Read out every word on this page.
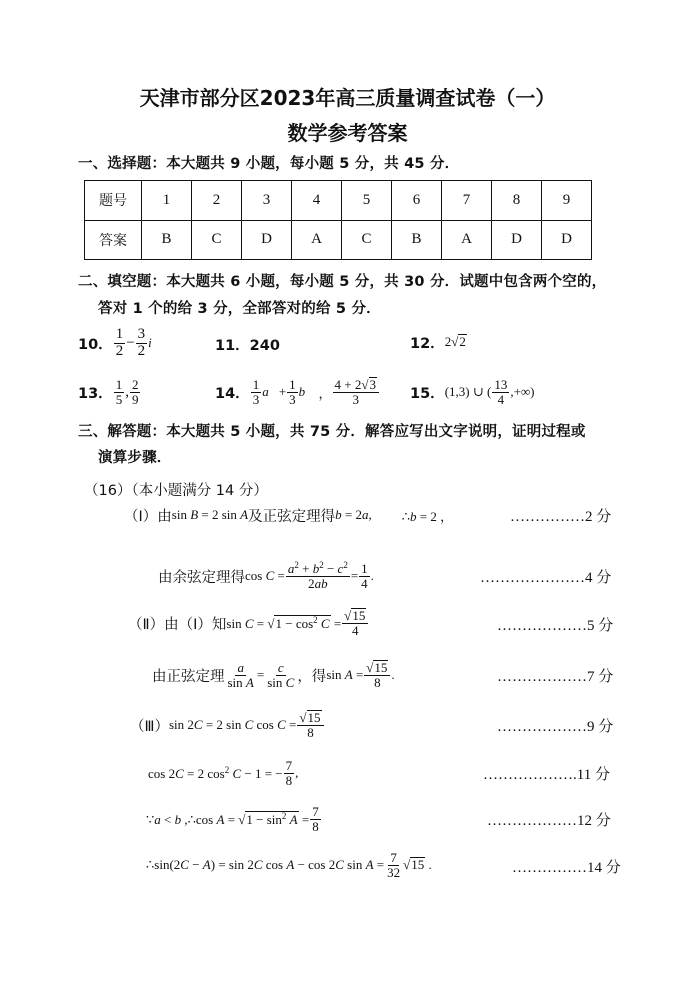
天津市部分区2023年高三质量调查试卷（一）
数学参考答案
一、选择题：本大题共 9 小题，每小题 5 分，共 45 分．
题号	1	2	3	4	5	6	7	8	9
答案	B	C	D	A	C	B	A	D	D
二、填空题：本大题共 6 小题，每小题 5 分，共 30 分．试题中包含两个空的，
答对 1 个的给 3 分，全部答对的给 5 分．
10． $\frac{1}{2} - \frac{3}{2}$ i	11．240	12． 2√2
13． $\frac{1}{5}$ , $\frac{2}{9}$	14． $\frac{1}{3}$ a⃗ + $\frac{1}{3}$ b⃗ ， $\frac{4 + 2√3}{3} 15$． (1,3) ∪ ( $\frac{13}{4}$ ,+∞)
三、解答题：本大题共 5 小题，共 75 分．解答应写出文字说明，证明过程或
演算步骤．
（16）（本小题满分 14 分）
（Ⅰ）由 sin B = 2 sin A 及正弦定理得 b = 2a, ∴b = 2 ，	……………2 分
由余弦定理得 $\cos C = \frac{a^2 + b^2 - c^2}{2ab} = \frac{1}{4}$ .	…………………4 分
（Ⅱ）由（Ⅰ）知 $\sin C = √1 - \cos^2 C = \frac{√15}{4}$	………………5 分
由正弦定理 $\frac{a}{\text{sin A}} = \frac{c}{\text{sin C}}$ ，得 $\sin A = \frac{√15}{8}$ .	………………7 分
（Ⅲ） sin 2C = 2 sin C $\cos C = \frac{√15}{8}$	………………9 分
cos 2C = 2 $\cos^2 C - 1$ = − $\frac{7}{8}$ ,	……………….11 分
∵a < b ,∴cos $A = √1 - \sin^2 A = \frac{7}{8}$	………………12 分
∴sin(2C − A) = sin 2C cos A − cos 2C $\sin A = \frac{7}{32} √15$ .	……………14 分
